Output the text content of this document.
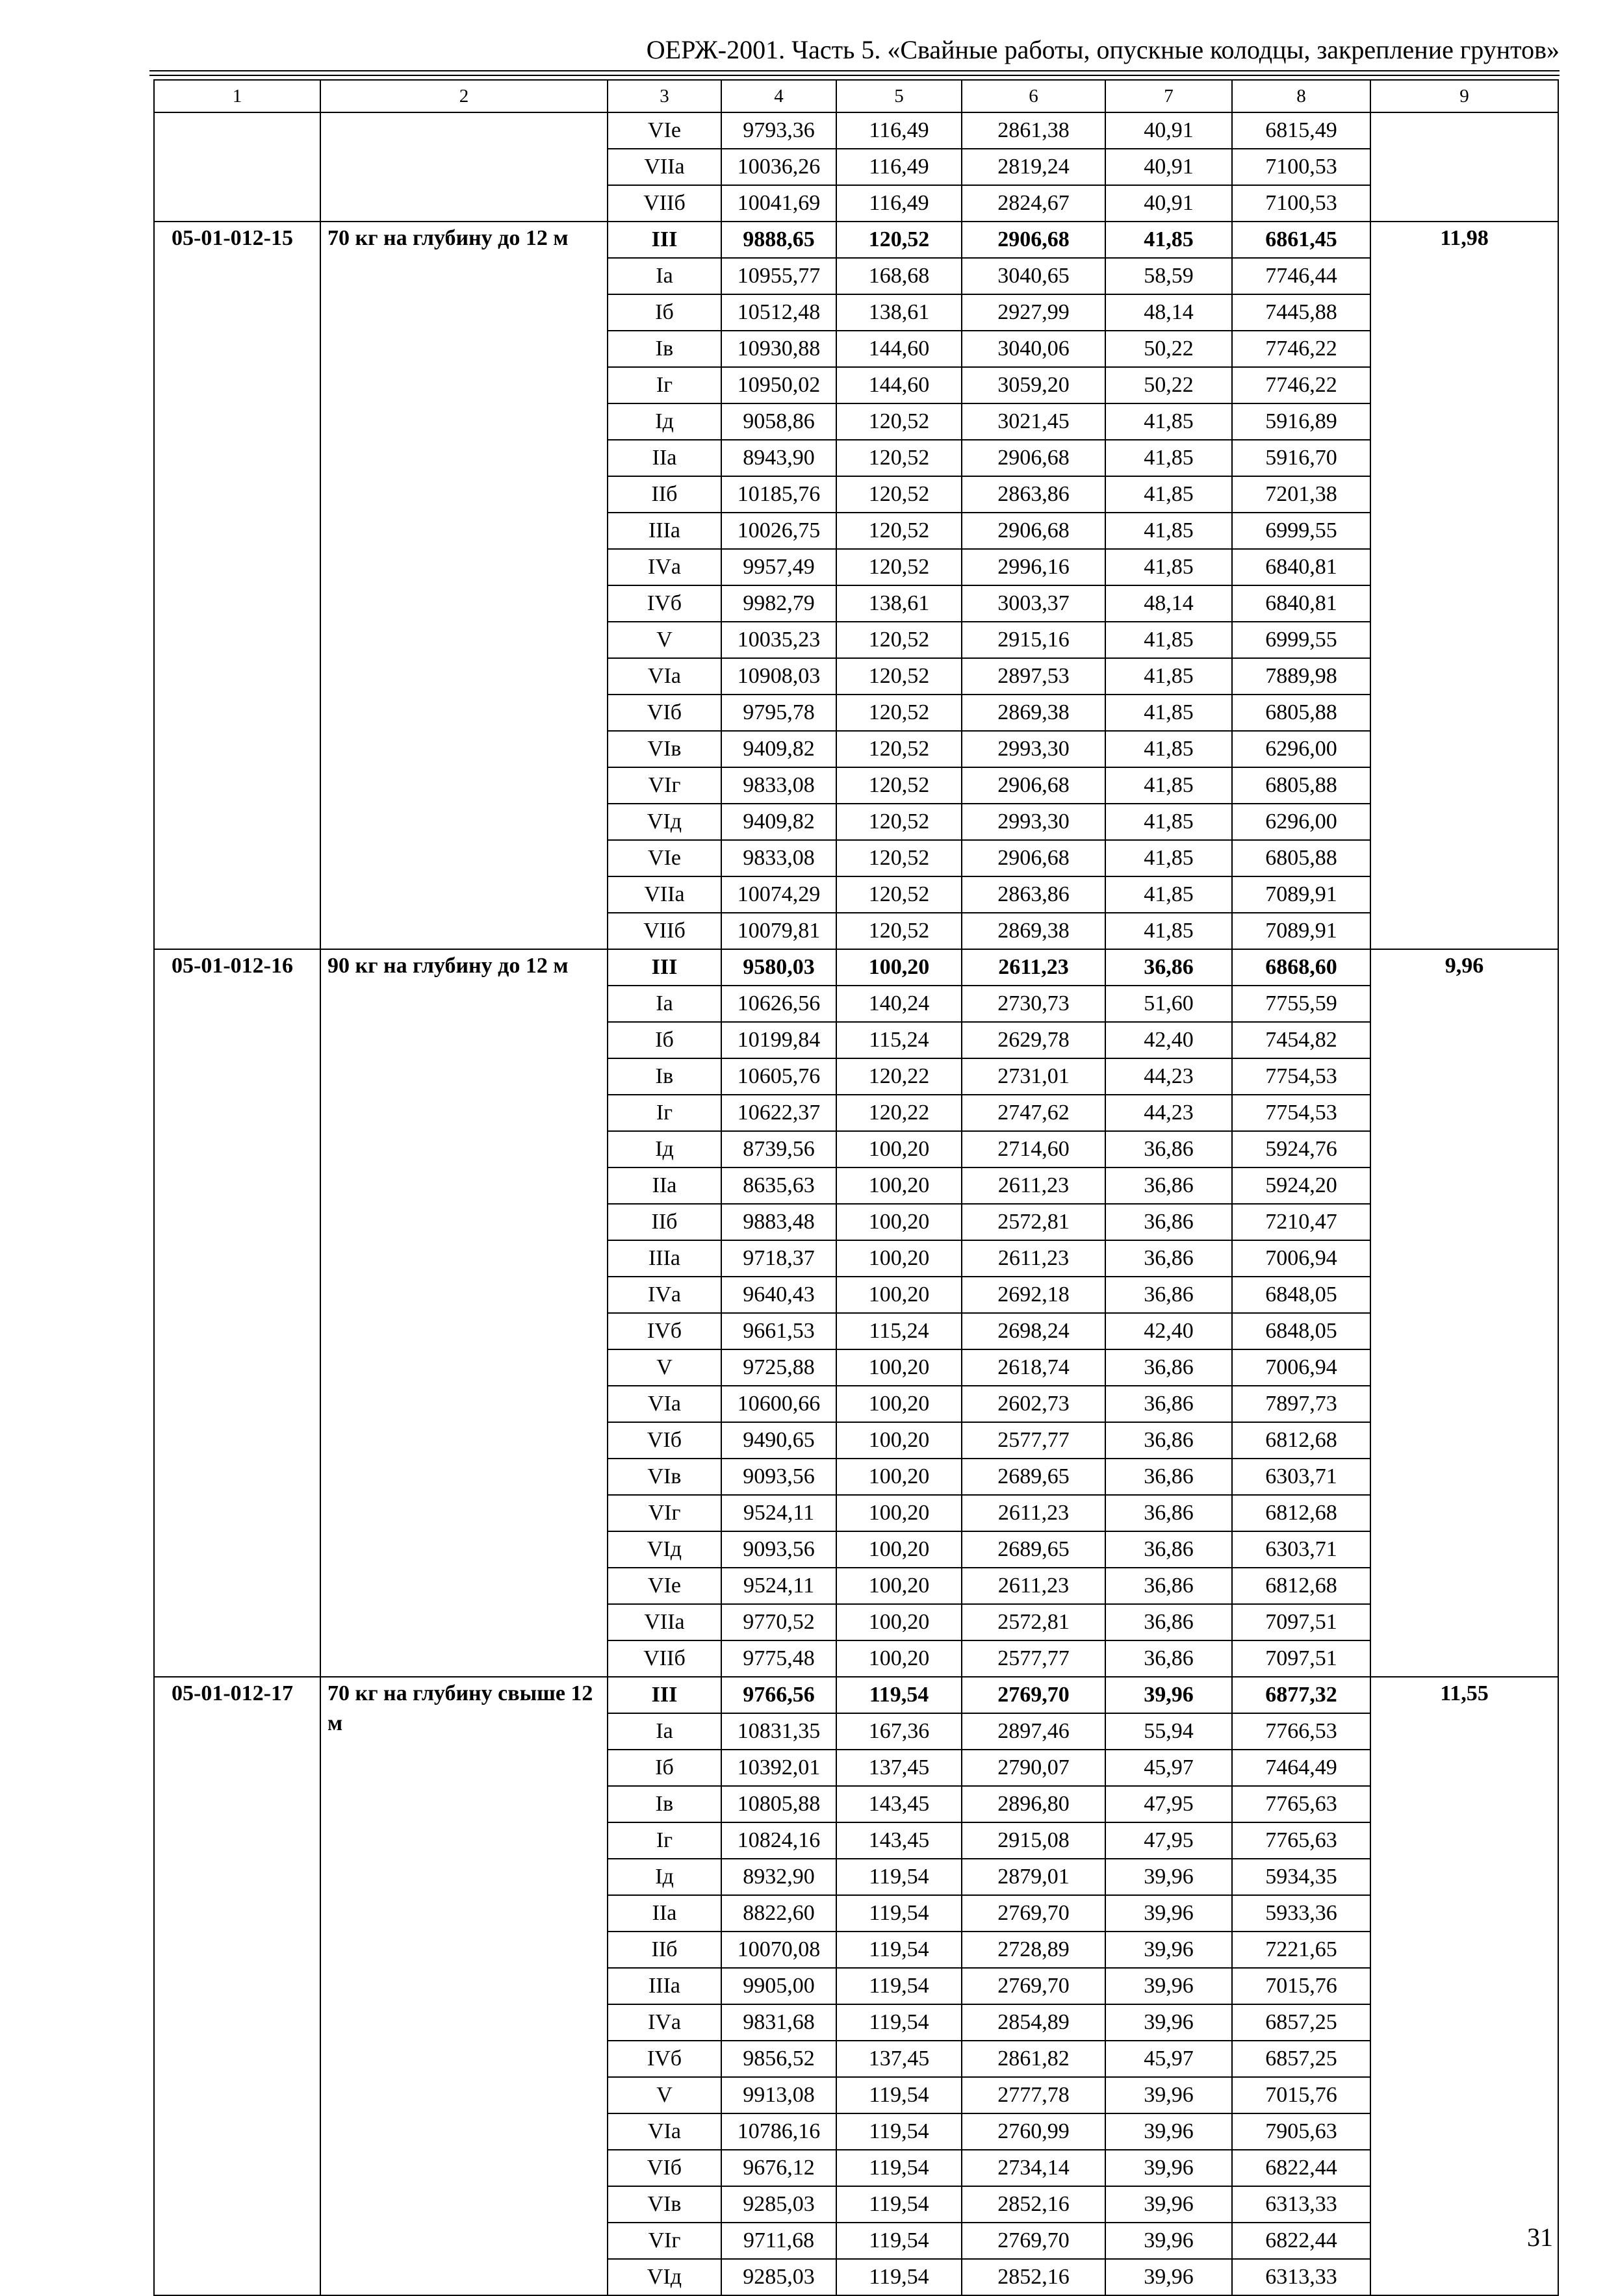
ОЕРЖ-2001. Часть 5. «Свайные работы, опускные колодцы, закрепление грунтов»
1	2	3	4	5	6	7	8	9
		VIе	9793,36	116,49	2861,38	40,91	6815,49	
		VIIа	10036,26	116,49	2819,24	40,91	7100,53	
		VIIб	10041,69	116,49	2824,67	40,91	7100,53	
05-01-012-15	70 кг на глубину до 12 м	III	9888,65	120,52	2906,68	41,85	6861,45	11,98
		Iа	10955,77	168,68	3040,65	58,59	7746,44	
		Iб	10512,48	138,61	2927,99	48,14	7445,88	
		Iв	10930,88	144,60	3040,06	50,22	7746,22	
		Iг	10950,02	144,60	3059,20	50,22	7746,22	
		Iд	9058,86	120,52	3021,45	41,85	5916,89	
		IIа	8943,90	120,52	2906,68	41,85	5916,70	
		IIб	10185,76	120,52	2863,86	41,85	7201,38	
		IIIа	10026,75	120,52	2906,68	41,85	6999,55	
		IVа	9957,49	120,52	2996,16	41,85	6840,81	
		IVб	9982,79	138,61	3003,37	48,14	6840,81	
		V	10035,23	120,52	2915,16	41,85	6999,55	
		VIа	10908,03	120,52	2897,53	41,85	7889,98	
		VIб	9795,78	120,52	2869,38	41,85	6805,88	
		VIв	9409,82	120,52	2993,30	41,85	6296,00	
		VIг	9833,08	120,52	2906,68	41,85	6805,88	
		VIд	9409,82	120,52	2993,30	41,85	6296,00	
		VIе	9833,08	120,52	2906,68	41,85	6805,88	
		VIIа	10074,29	120,52	2863,86	41,85	7089,91	
		VIIб	10079,81	120,52	2869,38	41,85	7089,91	
05-01-012-16	90 кг на глубину до 12 м	III	9580,03	100,20	2611,23	36,86	6868,60	9,96
		Iа	10626,56	140,24	2730,73	51,60	7755,59	
		Iб	10199,84	115,24	2629,78	42,40	7454,82	
		Iв	10605,76	120,22	2731,01	44,23	7754,53	
		Iг	10622,37	120,22	2747,62	44,23	7754,53	
		Iд	8739,56	100,20	2714,60	36,86	5924,76	
		IIа	8635,63	100,20	2611,23	36,86	5924,20	
		IIб	9883,48	100,20	2572,81	36,86	7210,47	
		IIIа	9718,37	100,20	2611,23	36,86	7006,94	
		IVа	9640,43	100,20	2692,18	36,86	6848,05	
		IVб	9661,53	115,24	2698,24	42,40	6848,05	
		V	9725,88	100,20	2618,74	36,86	7006,94	
		VIа	10600,66	100,20	2602,73	36,86	7897,73	
		VIб	9490,65	100,20	2577,77	36,86	6812,68	
		VIв	9093,56	100,20	2689,65	36,86	6303,71	
		VIг	9524,11	100,20	2611,23	36,86	6812,68	
		VIд	9093,56	100,20	2689,65	36,86	6303,71	
		VIе	9524,11	100,20	2611,23	36,86	6812,68	
		VIIа	9770,52	100,20	2572,81	36,86	7097,51	
		VIIб	9775,48	100,20	2577,77	36,86	7097,51	
05-01-012-17	70 кг на глубину свыше 12 м	III	9766,56	119,54	2769,70	39,96	6877,32	11,55
		Iа	10831,35	167,36	2897,46	55,94	7766,53	
		Iб	10392,01	137,45	2790,07	45,97	7464,49	
		Iв	10805,88	143,45	2896,80	47,95	7765,63	
		Iг	10824,16	143,45	2915,08	47,95	7765,63	
		Iд	8932,90	119,54	2879,01	39,96	5934,35	
		IIа	8822,60	119,54	2769,70	39,96	5933,36	
		IIб	10070,08	119,54	2728,89	39,96	7221,65	
		IIIа	9905,00	119,54	2769,70	39,96	7015,76	
		IVа	9831,68	119,54	2854,89	39,96	6857,25	
		IVб	9856,52	137,45	2861,82	45,97	6857,25	
		V	9913,08	119,54	2777,78	39,96	7015,76	
		VIа	10786,16	119,54	2760,99	39,96	7905,63	
		VIб	9676,12	119,54	2734,14	39,96	6822,44	
		VIв	9285,03	119,54	2852,16	39,96	6313,33	
		VIг	9711,68	119,54	2769,70	39,96	6822,44	
		VIд	9285,03	119,54	2852,16	39,96	6313,33	
31
